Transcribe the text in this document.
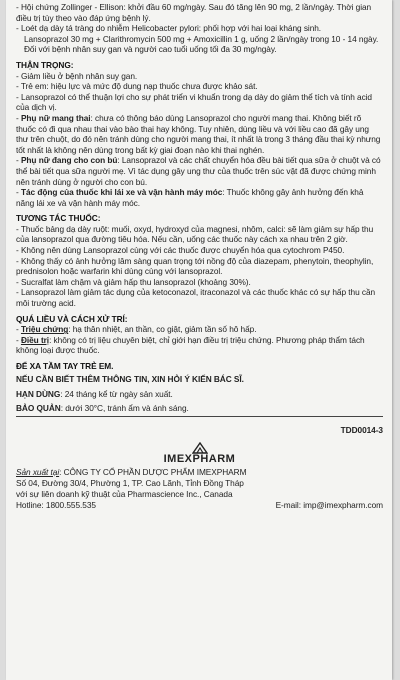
- Hội chứng Zollinger - Ellison: khởi đầu 60 mg/ngày. Sau đó tăng lên 90 mg, 2 lần/ngày. Thời gian điều trị tùy theo vào đáp ứng bệnh lý.

- Loét dạ dày tá tràng do nhiễm Helicobacter pylori: phối hợp với hai loại kháng sinh.

Lansoprazol 30 mg + Clarithromycin 500 mg + Amoxicillin 1 g, uống 2 lần/ngày trong 10 - 14 ngày.

Đối với bệnh nhân suy gan và người cao tuổi uống tối đa 30 mg/ngày.

THẬN TRỌNG:

- Giảm liều ở bệnh nhân suy gan.

- Trẻ em: hiệu lực và mức độ dung nạp thuốc chưa được khảo sát.

- Lansoprazol có thể thuận lợi cho sự phát triển vi khuẩn trong dạ dày do giảm thể tích và tính acid của dịch vị.

- Phụ nữ mang thai: chưa có thông báo dùng Lansoprazol cho người mang thai. Không biết rõ thuốc có đi qua nhau thai vào bào thai hay không. Tuy nhiên, dùng liều và với liều cao đã gây ung thư trên chuột, do đó nên tránh dùng cho người mang thai, ít nhất là trong 3 tháng đầu thai kỳ nhưng tốt nhất là không nên dùng trong bất kỳ giai đoạn nào khi thai nghén.

- Phụ nữ đang cho con bú: Lansoprazol và các chất chuyển hóa đều bài tiết qua sữa ở chuột và có thể bài tiết qua sữa người mẹ. Vì tác dụng gây ung thư của thuốc trên súc vật đã được chứng minh nên tránh dùng ở người cho con bú.

- Tác động của thuốc khi lái xe và vận hành máy móc: Thuốc không gây ảnh hưởng đến khả năng lái xe và vận hành máy móc.

TƯƠNG TÁC THUỐC:

- Thuốc bảng dạ dày ruột: muối, oxyd, hydroxyd của magnesi, nhôm, calci: sẽ làm giảm sự hấp thu của lansoprazol qua đường tiêu hóa. Nếu cần, uống các thuốc này cách xa nhau trên 2 giờ.

- Không nên dùng Lansoprazol cùng với các thuốc được chuyển hóa qua cytochrom P450.

- Không thấy có ảnh hưởng lâm sàng quan trọng tới nồng độ của diazepam, phenytoin, theophylin, prednisolon hoặc warfarin khi dùng cùng với lansoprazol.

- Sucralfat làm chậm và giảm hấp thu lansoprazol (khoảng 30%).

- Lansoprazol làm giảm tác dụng của ketoconazol, itraconazol và các thuốc khác có sự hấp thu cần môi trường acid.

QUÁ LIỀU VÀ CÁCH XỬ TRÍ:

- Triệu chứng: hạ thân nhiệt, an thần, co giật, giảm tần số hô hấp.

- Điều trị: không có trị liệu chuyên biệt, chỉ giới hạn điều trị triệu chứng. Phương pháp thẩm tách không loại được thuốc.

ĐỂ XA TẦM TAY TRẺ EM.

NẾU CẦN BIẾT THÊM THÔNG TIN, XIN HỎI Ý KIẾN BÁC SĨ.

HẠN DÙNG: 24 tháng kể từ ngày sản xuất.

BẢO QUẢN: dưới 30°C, tránh ẩm và ánh sáng.

TDD0014-3

IMEXPHARM

Sản xuất tại: CÔNG TY CỔ PHẦN DƯỢC PHẨM IMEXPHARM

Số 04, Đường 30/4, Phường 1, TP. Cao Lãnh, Tỉnh Đồng Tháp

với sự liên doanh kỹ thuật của Pharmascience Inc., Canada

Hotline: 1800.555.535	E-mail: imp@imexpharm.com
